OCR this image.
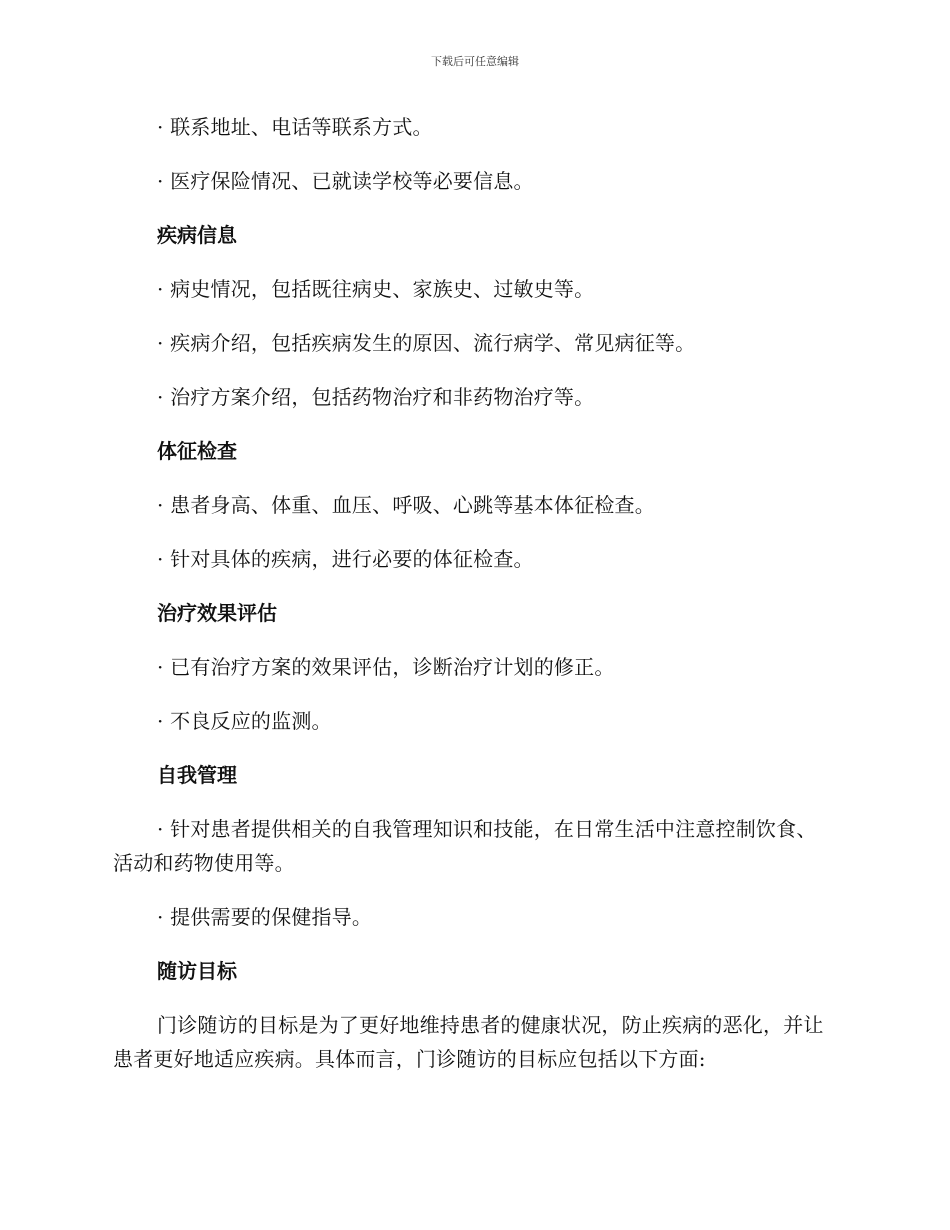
下载后可任意编辑

· 联系地址、电话等联系方式。

· 医疗保险情况、已就读学校等必要信息。

疾病信息

· 病史情况，包括既往病史、家族史、过敏史等。

· 疾病介绍，包括疾病发生的原因、流行病学、常见病征等。

· 治疗方案介绍，包括药物治疗和非药物治疗等。

体征检查

· 患者身高、体重、血压、呼吸、心跳等基本体征检查。

· 针对具体的疾病，进行必要的体征检查。

治疗效果评估

· 已有治疗方案的效果评估，诊断治疗计划的修正。

· 不良反应的监测。

自我管理

· 针对患者提供相关的自我管理知识和技能，在日常生活中注意控制饮食、活动和药物使用等。

· 提供需要的保健指导。

随访目标

门诊随访的目标是为了更好地维持患者的健康状况，防止疾病的恶化，并让患者更好地适应疾病。具体而言，门诊随访的目标应包括以下方面:
